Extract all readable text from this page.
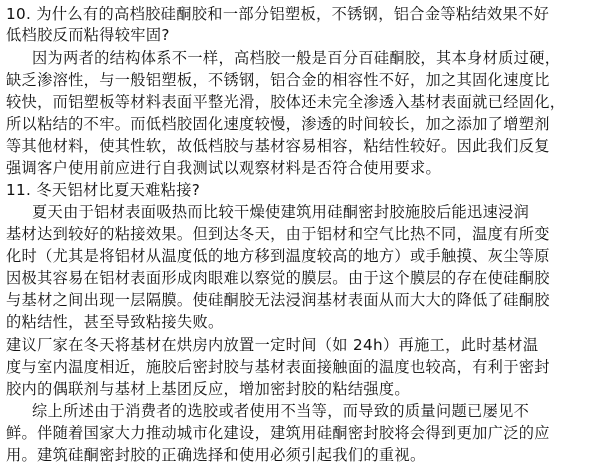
10. 为什么有的高档胶硅酮胶和一部分铝塑板，不锈钢，铝合金等粘结效果不好
低档胶反而粘得较牢固?
因为两者的结构体系不一样，高档胶一般是百分百硅酮胶，其本身材质过硬，
缺乏渗溶性，与一般铝塑板，不锈钢，铝合金的相容性不好，加之其固化速度比
较快，而铝塑板等材料表面平整光滑，胶体还未完全渗透入基材表面就已经固化，
所以粘结的不牢。而低档胶固化速度较慢，渗透的时间较长，加之添加了增塑剂
等其他材料，使其性软，故低档胶与基材容易相容，粘结性较好。因此我们反复
强调客户使用前应进行自我测试以观察材料是否符合使用要求。
11. 冬天铝材比夏天难粘接?
夏天由于铝材表面吸热而比较干燥使建筑用硅酮密封胶施胶后能迅速浸润
基材达到较好的粘接效果。但到达冬天，由于铝材和空气比热不同，温度有所变
化时（尤其是将铝材从温度低的地方移到温度较高的地方）或手触摸、灰尘等原
因极其容易在铝材表面形成肉眼难以察觉的膜层。由于这个膜层的存在使硅酮胶
与基材之间出现一层隔膜。使硅酮胶无法浸润基材表面从而大大的降低了硅酮胶
的粘结性，甚至导致粘接失败。
建议厂家在冬天将基材在烘房内放置一定时间（如 24h）再施工，此时基材温
度与室内温度相近，施胶后密封胶与基材表面接触面的温度也较高，有利于密封
胶内的偶联剂与基材上基团反应，增加密封胶的粘结强度。
综上所述由于消费者的选胶或者使用不当等，而导致的质量问题已屡见不
鲜。伴随着国家大力推动城市化建设，建筑用硅酮密封胶将会得到更加广泛的应
用。建筑硅酮密封胶的正确选择和使用必须引起我们的重视。
